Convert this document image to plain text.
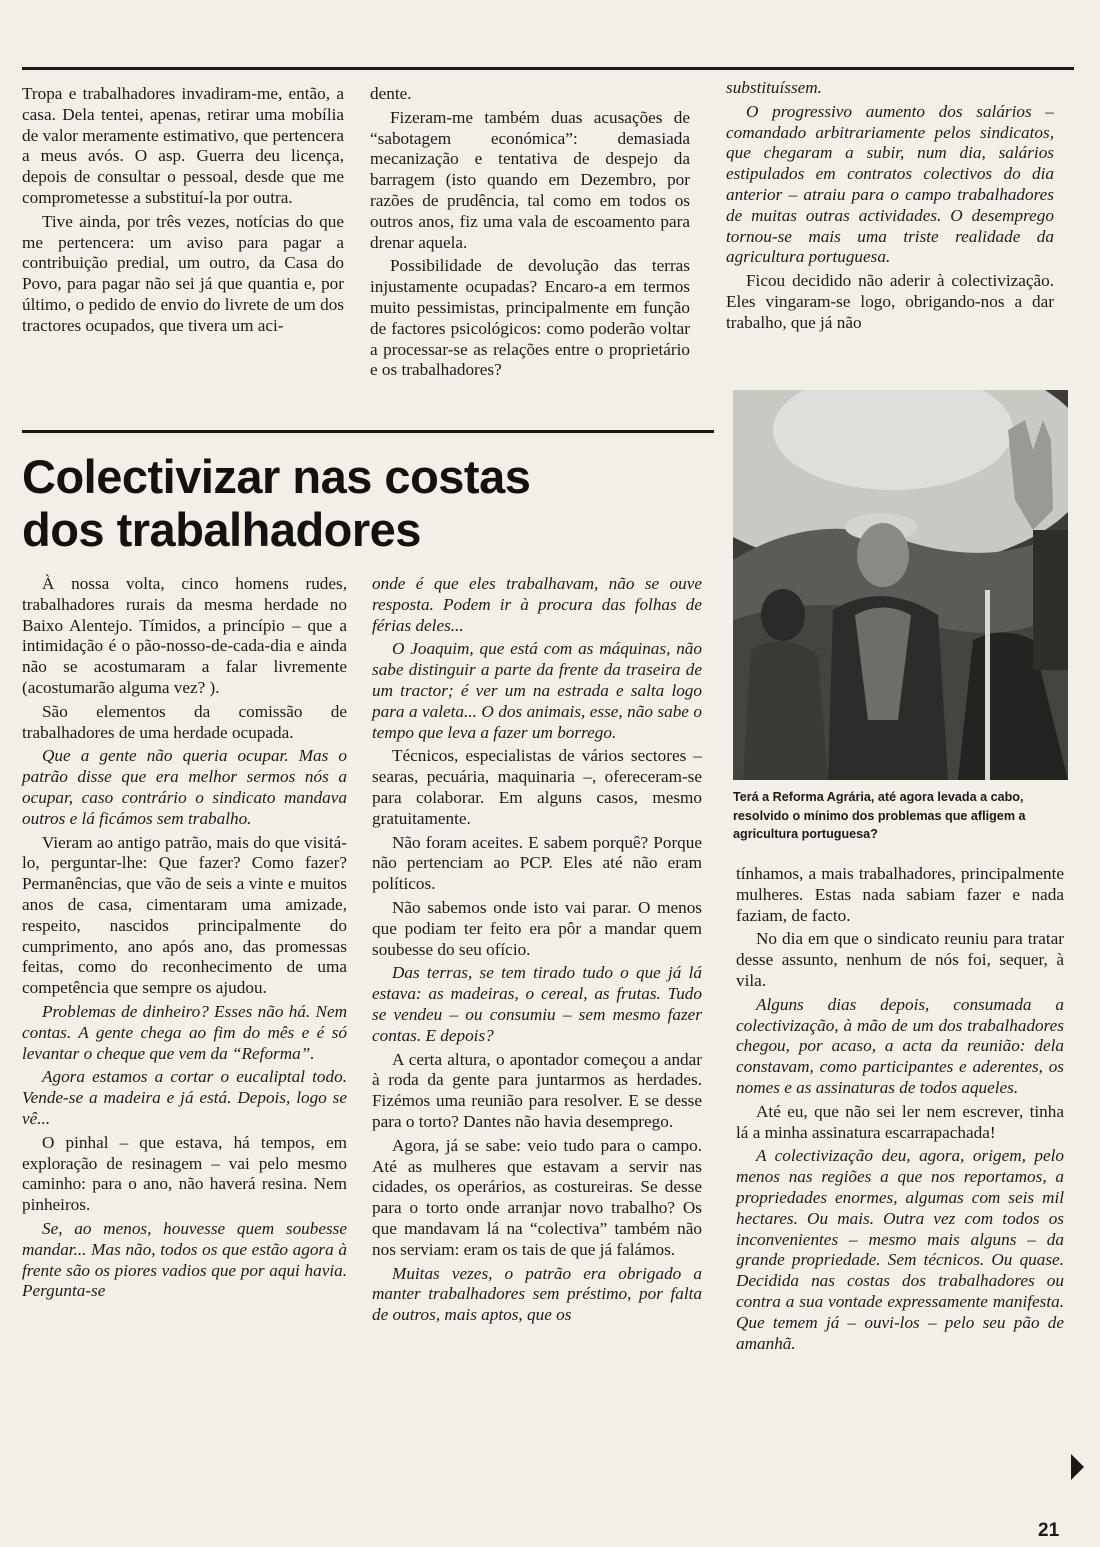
Tropa e trabalhadores invadiram-me, então, a casa. Dela tentei, apenas, retirar uma mobília de valor meramente estimativo, que pertencera a meus avós. O asp. Guerra deu licença, depois de consultar o pessoal, desde que me comprometesse a substituí-la por outra.

Tive ainda, por três vezes, notícias do que me pertencera: um aviso para pagar a contribuição predial, um outro, da Casa do Povo, para pagar não sei já que quantia e, por último, o pedido de envio do livrete de um dos tractores ocupados, que tivera um aci-

dente.

Fizeram-me também duas acusações de “sabotagem económica”: demasiada mecanização e tentativa de despejo da barragem (isto quando em Dezembro, por razões de prudência, tal como em todos os outros anos, fiz uma vala de escoamento para drenar aquela.

Possibilidade de devolução das terras injustamente ocupadas? Encaro-a em termos muito pessimistas, principalmente em função de factores psicológicos: como poderão voltar a processar-se as relações entre o proprietário e os trabalhadores?

substituíssem.

O progressivo aumento dos salários – comandado arbitrariamente pelos sindicatos, que chegaram a subir, num dia, salários estipulados em contratos colectivos do dia anterior – atraiu para o campo trabalhadores de muitas outras actividades. O desemprego tornou-se mais uma triste realidade da agricultura portuguesa.

Ficou decidido não aderir à colectivização. Eles vingaram-se logo, obrigando-nos a dar trabalho, que já não

Colectivizar nas costas
dos trabalhadores
Terá a Reforma Agrária, até agora levada a cabo, resolvido o mínimo dos problemas que afligem a agricultura portuguesa?

À nossa volta, cinco homens rudes, trabalhadores rurais da mesma herdade no Baixo Alentejo. Tímidos, a princípio – que a intimidação é o pão-nosso-de-cada-dia e ainda não se acostumaram a falar livremente (acostumarão alguma vez? ).

São elementos da comissão de trabalhadores de uma herdade ocupada.

Que a gente não queria ocupar. Mas o patrão disse que era melhor sermos nós a ocupar, caso contrário o sindicato mandava outros e lá ficámos sem trabalho.

Vieram ao antigo patrão, mais do que visitá-lo, perguntar-lhe: Que fazer? Como fazer? Permanências, que vão de seis a vinte e muitos anos de casa, cimentaram uma amizade, respeito, nascidos principalmente do cumprimento, ano após ano, das promessas feitas, como do reconhecimento de uma competência que sempre os ajudou.

Problemas de dinheiro? Esses não há. Nem contas. A gente chega ao fim do mês e é só levantar o cheque que vem da “Reforma”.

Agora estamos a cortar o eucaliptal todo. Vende-se a madeira e já está. Depois, logo se vê...

O pinhal – que estava, há tempos, em exploração de resinagem – vai pelo mesmo caminho: para o ano, não haverá resina. Nem pinheiros.

Se, ao menos, houvesse quem soubesse mandar... Mas não, todos os que estão agora à frente são os piores vadios que por aqui havia. Pergunta-se

onde é que eles trabalhavam, não se ouve resposta. Podem ir à procura das folhas de férias deles...

O Joaquim, que está com as máquinas, não sabe distinguir a parte da frente da traseira de um tractor; é ver um na estrada e salta logo para a valeta... O dos animais, esse, não sabe o tempo que leva a fazer um borrego.

Técnicos, especialistas de vários sectores – searas, pecuária, maquinaria –, ofereceram-se para colaborar. Em alguns casos, mesmo gratuitamente.

Não foram aceites. E sabem porquê? Porque não pertenciam ao PCP. Eles até não eram políticos.

Não sabemos onde isto vai parar. O menos que podiam ter feito era pôr a mandar quem soubesse do seu ofício.

Das terras, se tem tirado tudo o que já lá estava: as madeiras, o cereal, as frutas. Tudo se vendeu – ou consumiu – sem mesmo fazer contas. E depois?

A certa altura, o apontador começou a andar à roda da gente para juntarmos as herdades. Fizémos uma reunião para resolver. E se desse para o torto? Dantes não havia desemprego.

Agora, já se sabe: veio tudo para o campo. Até as mulheres que estavam a servir nas cidades, os operários, as costureiras. Se desse para o torto onde arranjar novo trabalho? Os que mandavam lá na “colectiva” também não nos serviam: eram os tais de que já falámos.

Muitas vezes, o patrão era obrigado a manter trabalhadores sem préstimo, por falta de outros, mais aptos, que os

tínhamos, a mais trabalhadores, principalmente mulheres. Estas nada sabiam fazer e nada faziam, de facto.

No dia em que o sindicato reuniu para tratar desse assunto, nenhum de nós foi, sequer, à vila.

Alguns dias depois, consumada a colectivização, à mão de um dos trabalhadores chegou, por acaso, a acta da reunião: dela constavam, como participantes e aderentes, os nomes e as assinaturas de todos aqueles.

Até eu, que não sei ler nem escrever, tinha lá a minha assinatura escarrapachada!

A colectivização deu, agora, origem, pelo menos nas regiões a que nos reportamos, a propriedades enormes, algumas com seis mil hectares. Ou mais. Outra vez com todos os inconvenientes – mesmo mais alguns – da grande propriedade. Sem técnicos. Ou quase. Decidida nas costas dos trabalhadores ou contra a sua vontade expressamente manifesta. Que temem já – ouvi-los – pelo seu pão de amanhã.

21
